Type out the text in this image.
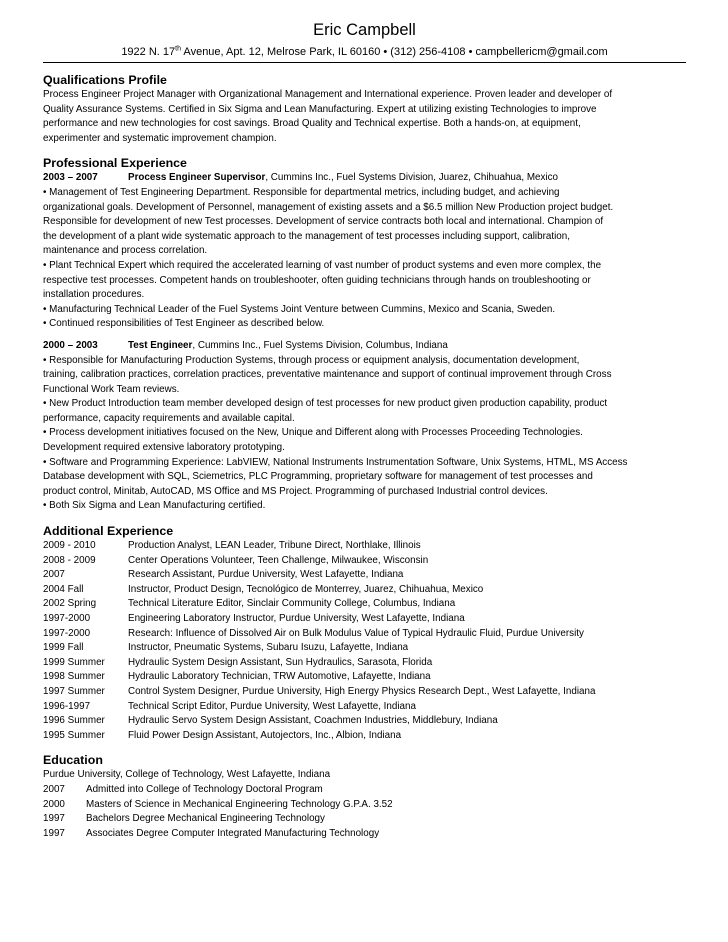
Eric Campbell
1922 N. 17th Avenue, Apt. 12, Melrose Park, IL 60160 • (312) 256-4108 • campbellericm@gmail.com
Qualifications Profile
Process Engineer Project Manager with Organizational Management and International experience. Proven leader and developer of
Quality Assurance Systems. Certified in Six Sigma and Lean Manufacturing. Expert at utilizing existing Technologies to improve
performance and new technologies for cost savings. Broad Quality and Technical expertise. Both a hands-on, at equipment,
experimenter and systematic improvement champion.
Professional Experience
2003 – 2007	Process Engineer Supervisor, Cummins Inc., Fuel Systems Division, Juarez, Chihuahua, Mexico
• Management of Test Engineering Department. Responsible for departmental metrics, including budget, and achieving
organizational goals. Development of Personnel, management of existing assets and a $6.5 million New Production project budget.
Responsible for development of new Test processes. Development of service contracts both local and international. Champion of
the development of a plant wide systematic approach to the management of test processes including support, calibration,
maintenance and process correlation.
• Plant Technical Expert which required the accelerated learning of vast number of product systems and even more complex, the
respective test processes. Competent hands on troubleshooter, often guiding technicians through hands on troubleshooting or
installation procedures.
• Manufacturing Technical Leader of the Fuel Systems Joint Venture between Cummins, Mexico and Scania, Sweden.
• Continued responsibilities of Test Engineer as described below.
2000 – 2003	Test Engineer, Cummins Inc., Fuel Systems Division, Columbus, Indiana
• Responsible for Manufacturing Production Systems, through process or equipment analysis, documentation development,
training, calibration practices, correlation practices, preventative maintenance and support of continual improvement through Cross
Functional Work Team reviews.
• New Product Introduction team member developed design of test processes for new product given production capability, product
performance, capacity requirements and available capital.
• Process development initiatives focused on the New, Unique and Different along with Processes Proceeding Technologies.
Development required extensive laboratory prototyping.
• Software and Programming Experience: LabVIEW, National Instruments Instrumentation Software, Unix Systems, HTML, MS Access
Database development with SQL, Sciemetrics, PLC Programming, proprietary software for management of test processes and
product control, Minitab, AutoCAD, MS Office and MS Project. Programming of purchased Industrial control devices.
• Both Six Sigma and Lean Manufacturing certified.
Additional Experience
2009 - 2010	Production Analyst, LEAN Leader, Tribune Direct, Northlake, Illinois
2008 - 2009	Center Operations Volunteer, Teen Challenge, Milwaukee, Wisconsin
2007	Research Assistant, Purdue University, West Lafayette, Indiana
2004 Fall	Instructor, Product Design, Tecnológico de Monterrey, Juarez, Chihuahua, Mexico
2002 Spring	Technical Literature Editor, Sinclair Community College, Columbus, Indiana
1997-2000	Engineering Laboratory Instructor, Purdue University, West Lafayette, Indiana
1997-2000	Research: Influence of Dissolved Air on Bulk Modulus Value of Typical Hydraulic Fluid, Purdue University
1999 Fall	Instructor, Pneumatic Systems, Subaru Isuzu, Lafayette, Indiana
1999 Summer	Hydraulic System Design Assistant, Sun Hydraulics, Sarasota, Florida
1998 Summer	Hydraulic Laboratory Technician, TRW Automotive, Lafayette, Indiana
1997 Summer	Control System Designer, Purdue University, High Energy Physics Research Dept., West Lafayette, Indiana
1996-1997	Technical Script Editor, Purdue University, West Lafayette, Indiana
1996 Summer	Hydraulic Servo System Design Assistant, Coachmen Industries, Middlebury, Indiana
1995 Summer	Fluid Power Design Assistant, Autojectors, Inc., Albion, Indiana
Education
Purdue University, College of Technology, West Lafayette, Indiana
2007	Admitted into College of Technology Doctoral Program
2000	Masters of Science in Mechanical Engineering Technology G.P.A. 3.52
1997	Bachelors Degree Mechanical Engineering Technology
1997	Associates Degree Computer Integrated Manufacturing Technology
